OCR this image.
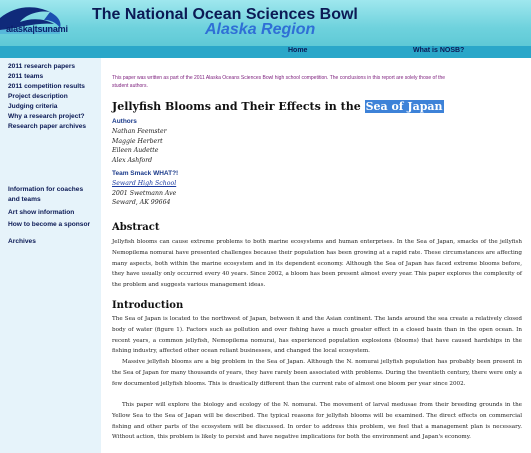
alaska|tsunami
The National Ocean Sciences Bowl
Alaska Region
Home	What is NOSB?
2011 research papers
2011 teams
2011 competition results
Project description
Judging criteria
Why a research project?
Research paper archives
Information for coaches and teams
Art show information
How to become a sponsor
Archives
This paper was written as part of the 2011 Alaska Oceans Sciences Bowl high school competition. The conclusions in this report are solely those of the student authors.
Jellyfish Blooms and Their Effects in the Sea of Japan
Authors
Nathan Feemster
Maggie Herbert
Eileen Audette
Alex Ashford
Team Smack WHAT?!
Seward High School
2001 Swetmann Ave
Seward, AK 99664
Abstract
Jellyfish blooms can cause extreme problems to both marine ecosystems and human enterprises. In the Sea of Japan, smacks of the jellyfish Nemopilema nomurai have presented challenges because their population has been growing at a rapid rate. These circumstances are affecting many aspects, both within the marine ecosystem and in its dependent economy. Although the Sea of Japan has faced extreme blooms before, they have usually only occurred every 40 years. Since 2002, a bloom has been present almost every year. This paper explores the complexity of the problem and suggests various management ideas.
Introduction
The Sea of Japan is located to the northwest of Japan, between it and the Asian continent. The lands around the sea create a relatively closed body of water (figure 1). Factors such as pollution and over fishing have a much greater effect in a closed basin than in the open ocean. In recent years, a common jellyfish, Nemopilema nomurai, has experienced population explosions (blooms) that have caused hardships in the fishing industry, affected other ocean reliant businesses, and changed the local ecosystem.
Massive jellyfish blooms are a big problem in the Sea of Japan. Although the N. nomurai jellyfish population has probably been present in the Sea of Japan for many thousands of years, they have rarely been associated with problems. During the twentieth century, there were only a few documented jellyfish blooms. This is drastically different than the current rate of almost one bloom per year since 2002.
This paper will explore the biology and ecology of the N. nomurai. The movement of larval medusae from their breeding grounds in the Yellow Sea to the Sea of Japan will be described. The typical reasons for jellyfish blooms will be examined. The direct effects on commercial fishing and other parts of the ecosystem will be discussed. In order to address this problem, we feel that a management plan is necessary. Without action, this problem is likely to persist and have negative implications for both the environment and Japan's economy.
